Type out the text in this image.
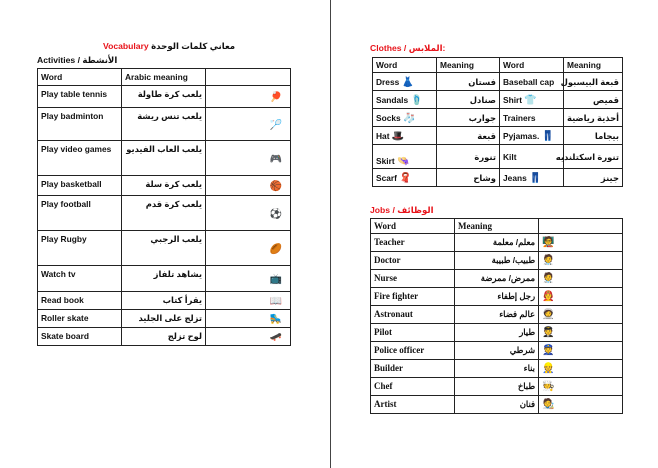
Vocabulary معاني كلمات الوحدة
Activities / الأنشطة
Word	Arabic meaning	
Play table tennis	يلعب كرة طاولة	🏓
Play badminton	يلعب تنس ريشة	🏸
Play video games	يلعب العاب الفيديو	🎮
Play basketball	يلعب كرة سلة	🏀
Play football	يلعب كرة قدم	⚽
Play Rugby	يلعب الرجبي	🏉
Watch tv	يشاهد تلفاز	📺
Read book	يقرأ كتاب	📖
Roller skate	تزلج على الجليد	🛼
Skate board	لوح تزلج	🛹
Clothes / الملابس:
Word	Meaning	Word	Meaning
Dress 👗	فستان	Baseball cap	قبعة البيسبول
Sandals 🩴	صنادل	Shirt 👕	قميص
Socks 🧦	جوارب	Trainers	أحذية رياضية
Hat 🎩	قبعة	Pyjamas. 👖	بيجاما
Skirt 👒	تنورة	Kilt	تنورة اسكتلنديه
Scarf 🧣	وشاح	Jeans 👖	جينز
Jobs / الوظائف
Word	Meaning	
Teacher	معلم/ معلمة	🧑‍🏫
Doctor	طبيب/ طبيبة	🧑‍⚕️
Nurse	ممرض/ ممرضة	🧑‍⚕️
Fire fighter	رجل إطفاء	🧑‍🚒
Astronaut	عالم فضاء	🧑‍🚀
Pilot	طيار	🧑‍✈️
Police officer	شرطي	👮
Builder	بناء	👷
Chef	طباخ	🧑‍🍳
Artist	فنان	🧑‍🎨
